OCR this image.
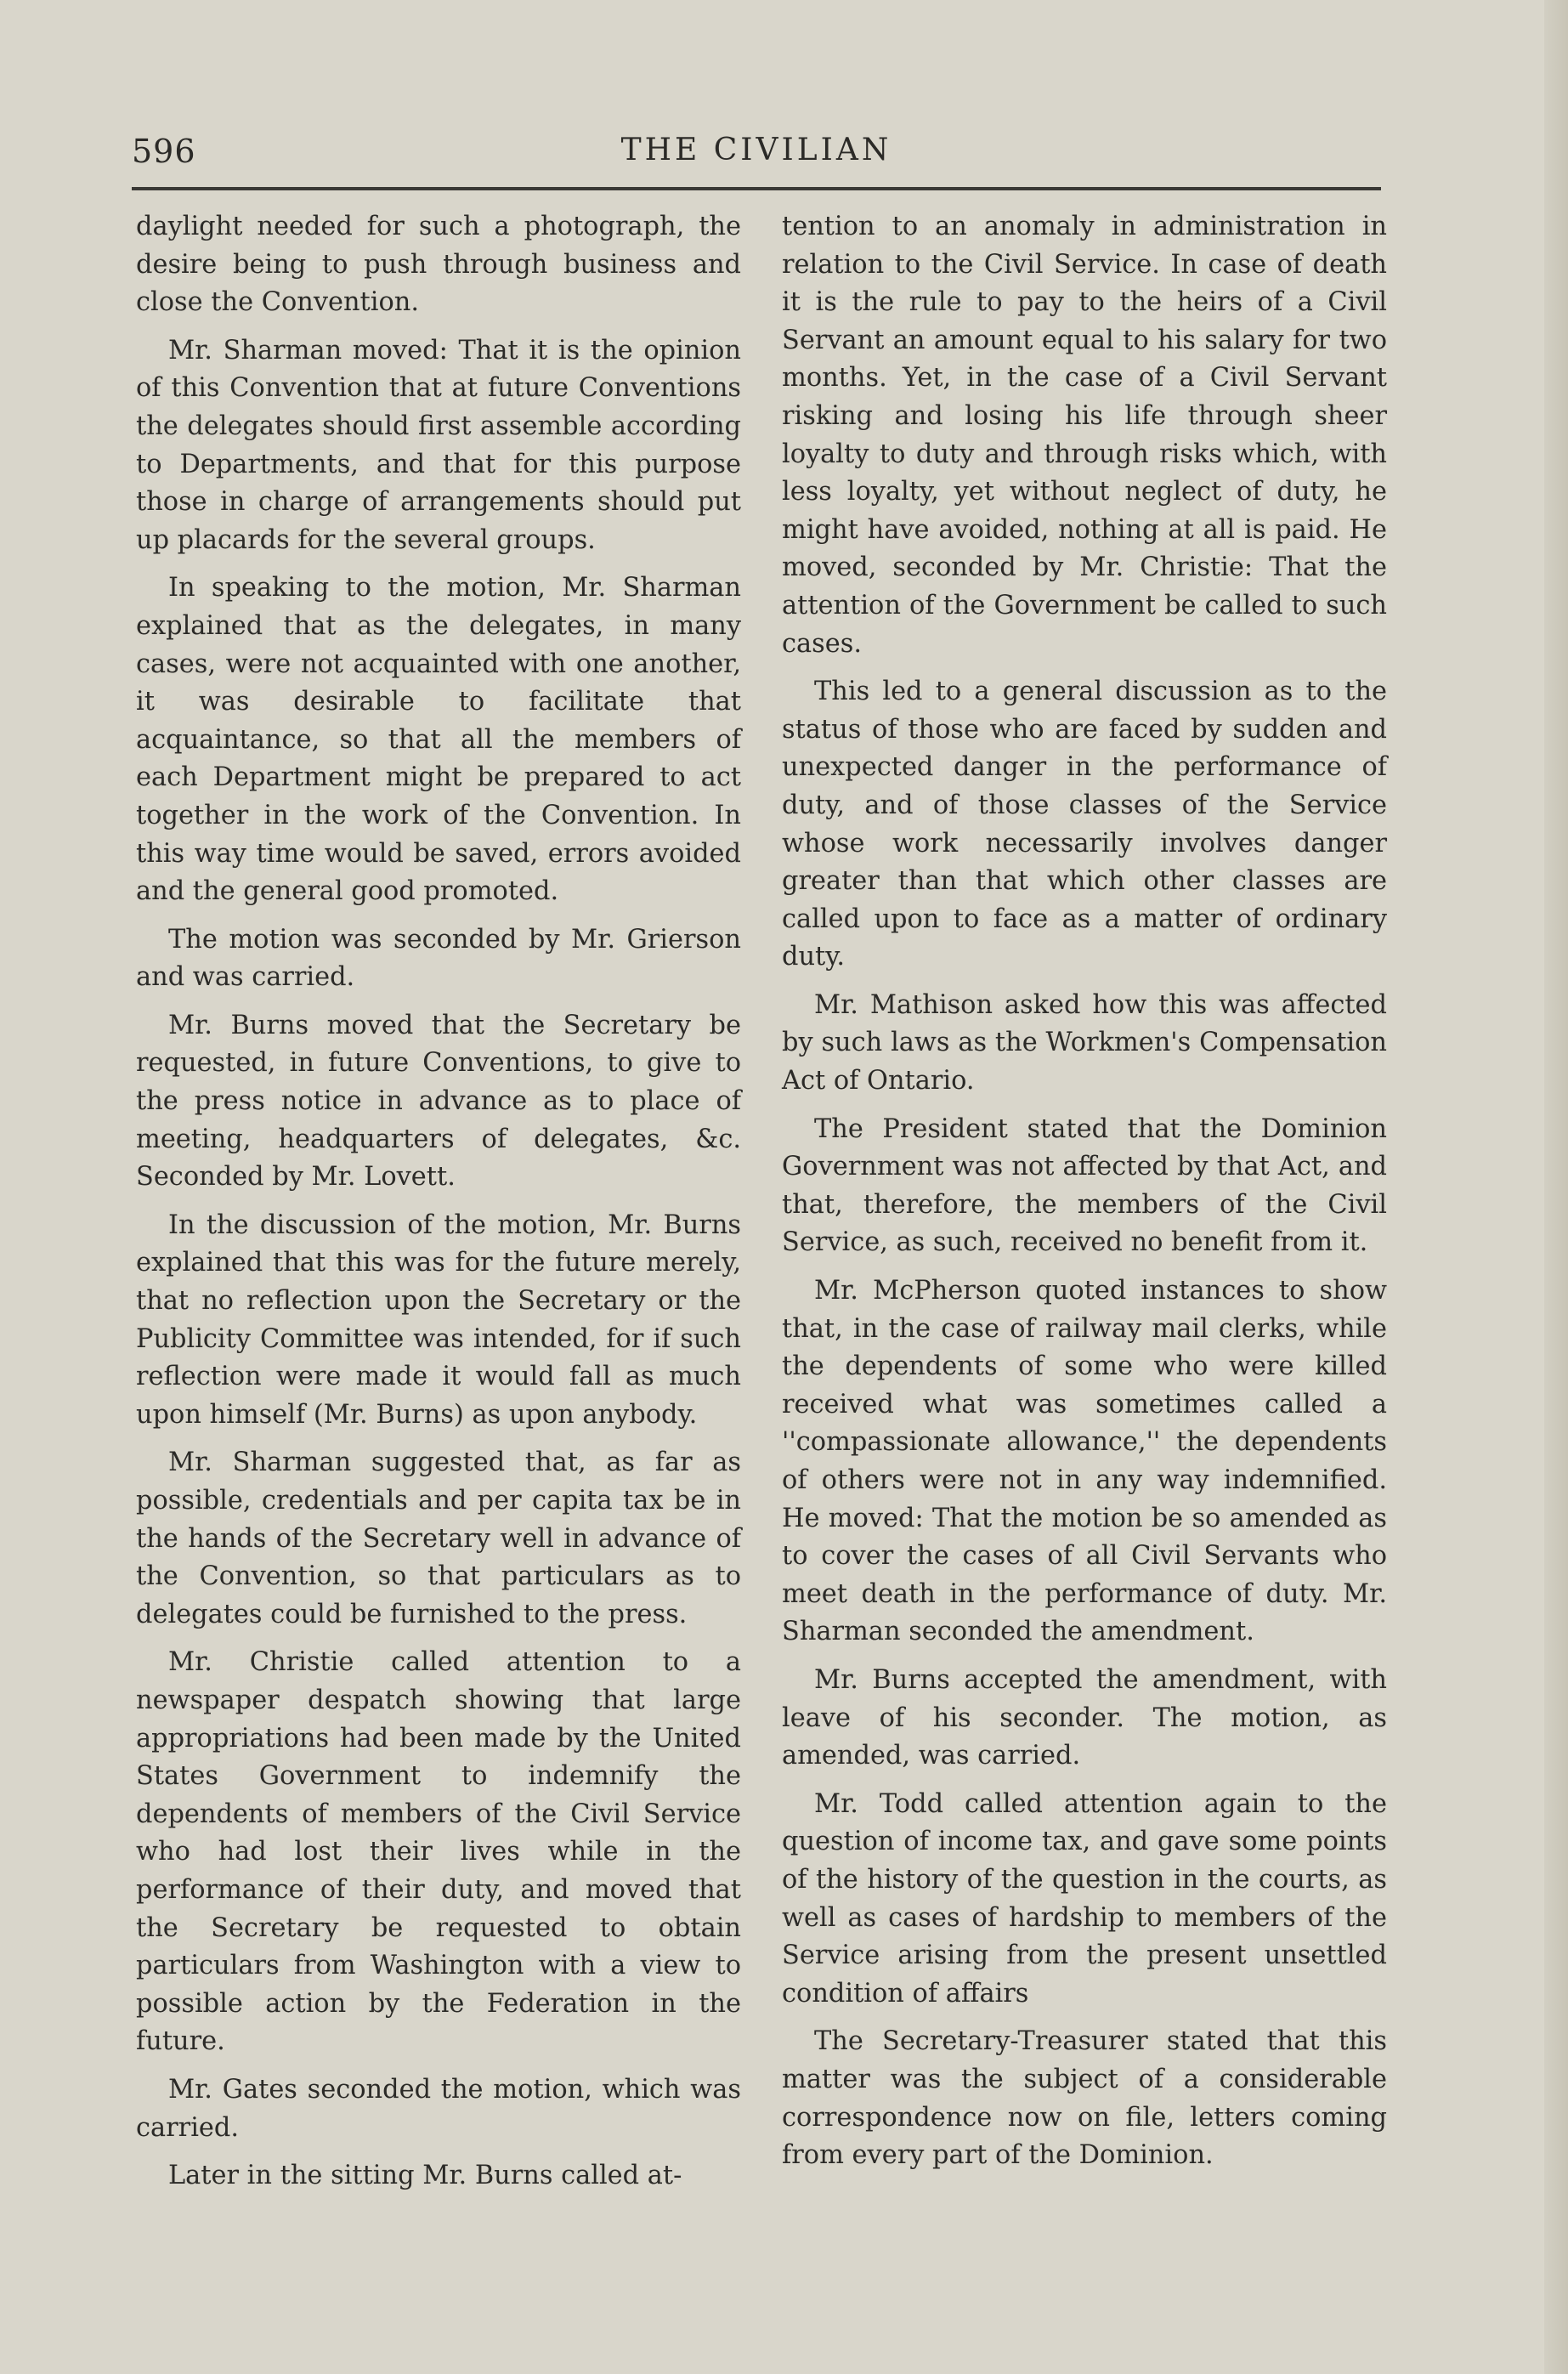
596	THE CIVILIAN

daylight needed for such a photograph, the desire being to push through business and close the Convention.

Mr. Sharman moved: That it is the opinion of this Convention that at future Conventions the delegates should first assemble according to Departments, and that for this purpose those in charge of arrangements should put up placards for the several groups.

In speaking to the motion, Mr. Sharman explained that as the delegates, in many cases, were not acquainted with one another, it was desirable to facilitate that acquaintance, so that all the members of each Department might be prepared to act together in the work of the Convention. In this way time would be saved, errors avoided and the general good promoted.

The motion was seconded by Mr. Grierson and was carried.

Mr. Burns moved that the Secretary be requested, in future Conventions, to give to the press notice in advance as to place of meeting, headquarters of delegates, &c. Seconded by Mr. Lovett.

In the discussion of the motion, Mr. Burns explained that this was for the future merely, that no reflection upon the Secretary or the Publicity Committee was intended, for if such reflection were made it would fall as much upon himself (Mr. Burns) as upon anybody.

Mr. Sharman suggested that, as far as possible, credentials and per capita tax be in the hands of the Secretary well in advance of the Convention, so that particulars as to delegates could be furnished to the press.

Mr. Christie called attention to a newspaper despatch showing that large appropriations had been made by the United States Government to indemnify the dependents of members of the Civil Service who had lost their lives while in the performance of their duty, and moved that the Secretary be requested to obtain particulars from Washington with a view to possible action by the Federation in the future.

Mr. Gates seconded the motion, which was carried.

Later in the sitting Mr. Burns called at-

tention to an anomaly in administration in relation to the Civil Service. In case of death it is the rule to pay to the heirs of a Civil Servant an amount equal to his salary for two months. Yet, in the case of a Civil Servant risking and losing his life through sheer loyalty to duty and through risks which, with less loyalty, yet without neglect of duty, he might have avoided, nothing at all is paid. He moved, seconded by Mr. Christie: That the attention of the Government be called to such cases.

This led to a general discussion as to the status of those who are faced by sudden and unexpected danger in the performance of duty, and of those classes of the Service whose work necessarily involves danger greater than that which other classes are called upon to face as a matter of ordinary duty.

Mr. Mathison asked how this was affected by such laws as the Workmen's Compensation Act of Ontario.

The President stated that the Dominion Government was not affected by that Act, and that, therefore, the members of the Civil Service, as such, received no benefit from it.

Mr. McPherson quoted instances to show that, in the case of railway mail clerks, while the dependents of some who were killed received what was sometimes called a ''compassionate allowance,'' the dependents of others were not in any way indemnified. He moved: That the motion be so amended as to cover the cases of all Civil Servants who meet death in the performance of duty. Mr. Sharman seconded the amendment.

Mr. Burns accepted the amendment, with leave of his seconder. The motion, as amended, was carried.

Mr. Todd called attention again to the question of income tax, and gave some points of the history of the question in the courts, as well as cases of hardship to members of the Service arising from the present unsettled condition of affairs

The Secretary-Treasurer stated that this matter was the subject of a considerable correspondence now on file, letters coming from every part of the Dominion.
